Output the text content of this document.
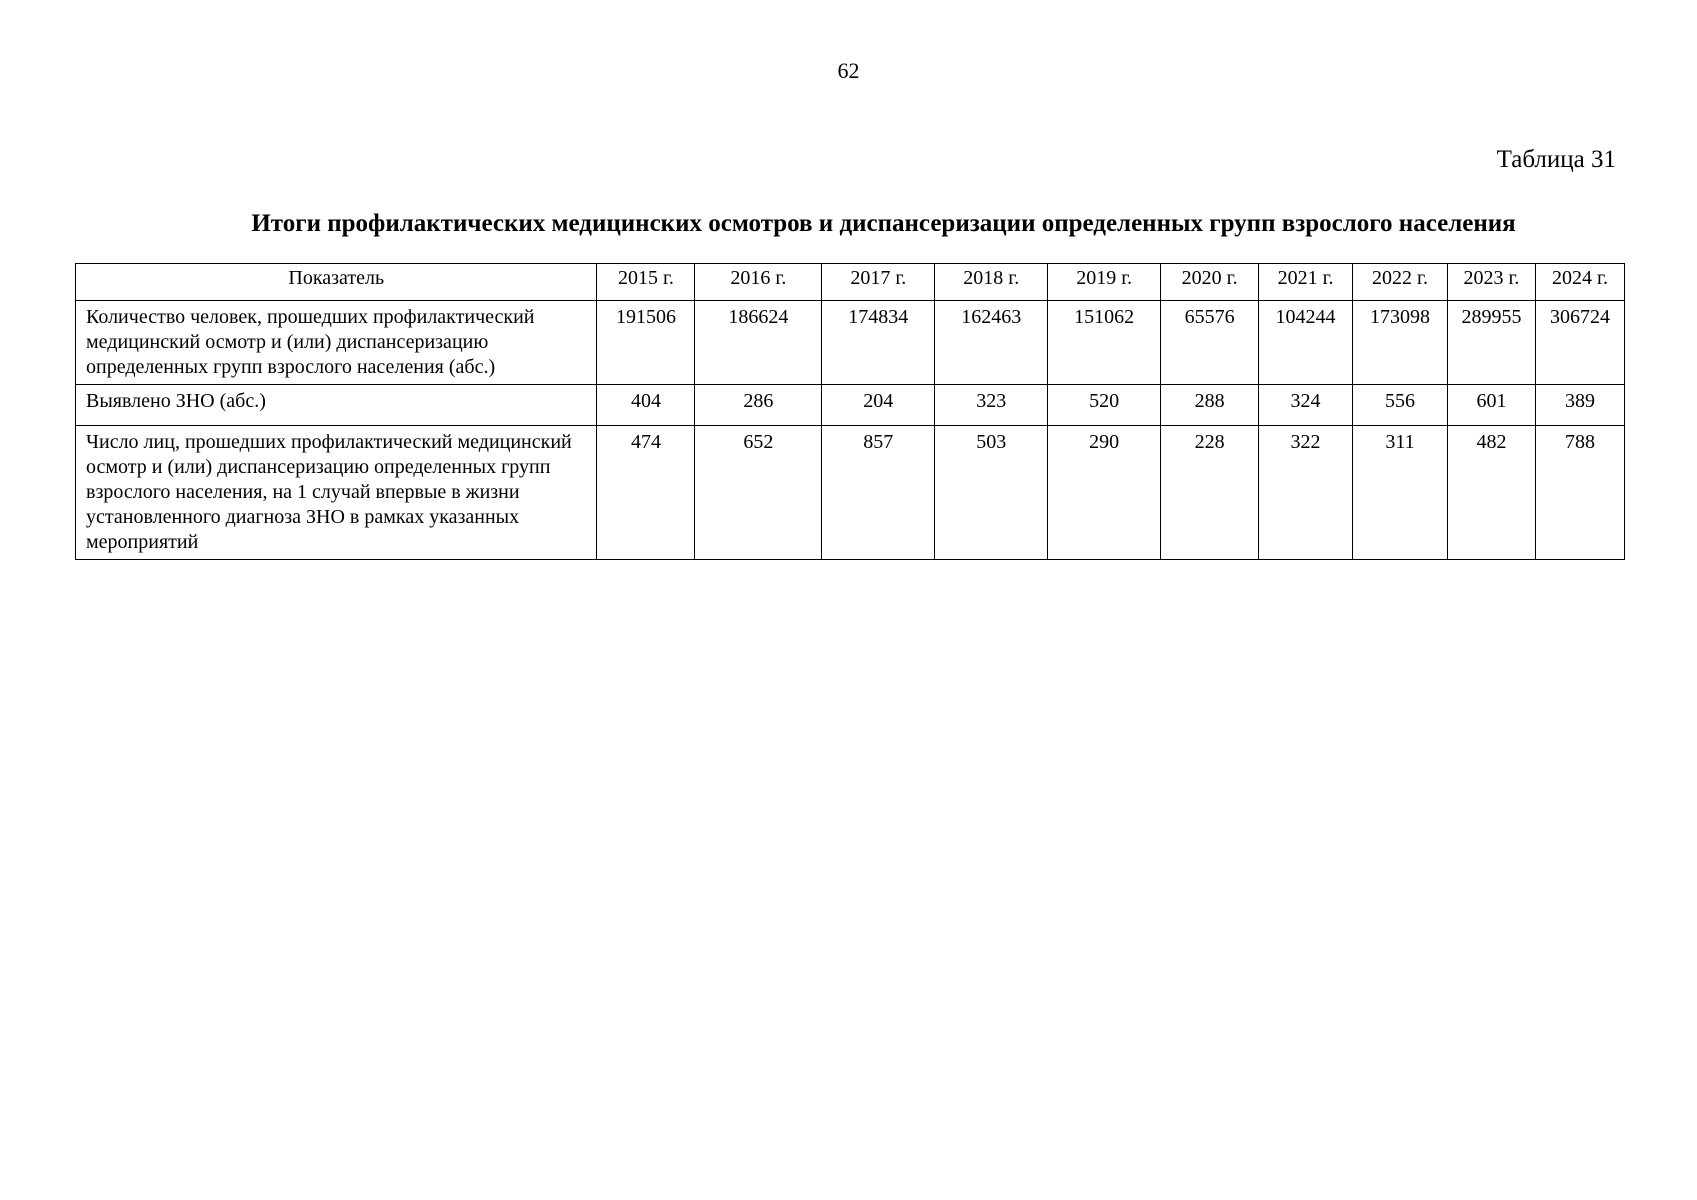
62
Таблица 31
Итоги профилактических медицинских осмотров и диспансеризации определенных групп взрослого населения
Показатель	2015 г.	2016 г.	2017 г.	2018 г.	2019 г.	2020 г.	2021 г.	2022 г.	2023 г.	2024 г.
Количество человек, прошедших профилактический медицинский осмотр и (или) диспансеризацию определенных групп взрослого населения (абс.)	191506	186624	174834	162463	151062	65576	104244	173098	289955	306724
Выявлено ЗНО (абс.)	404	286	204	323	520	288	324	556	601	389
Число лиц, прошедших профилактический медицинский осмотр и (или) диспансеризацию определенных групп взрослого населения, на 1 случай впервые в жизни установленного диагноза ЗНО в рамках указанных мероприятий	474	652	857	503	290	228	322	311	482	788
